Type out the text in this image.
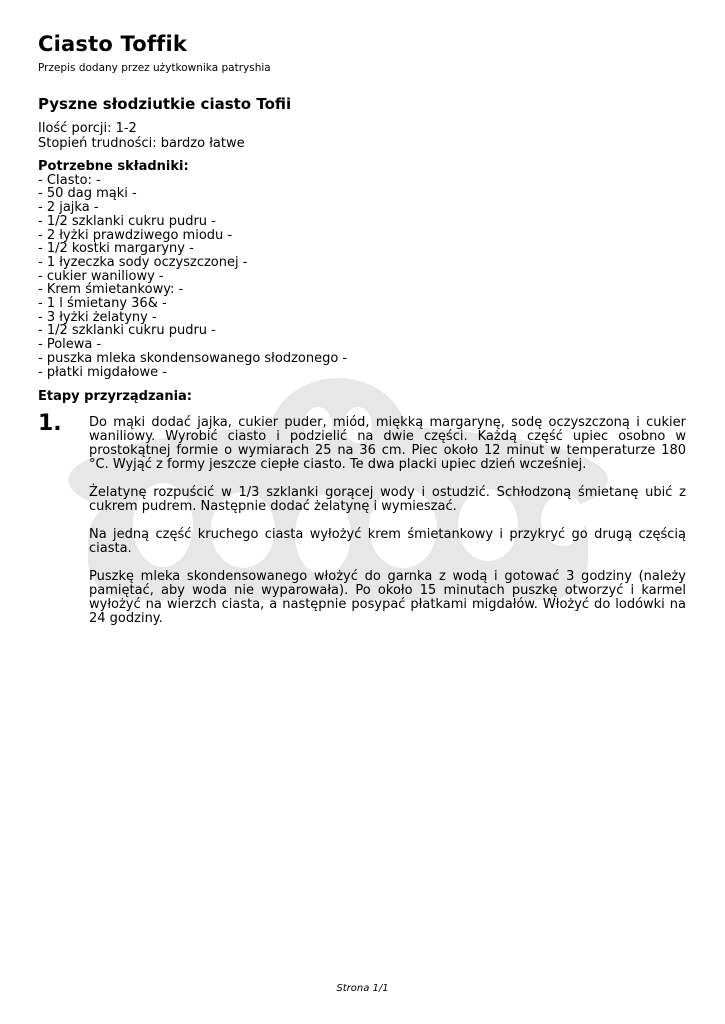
Ciasto Toffik
Przepis dodany przez użytkownika patryshia
Pyszne słodziutkie ciasto Tofii
Ilość porcji: 1-2
Stopień trudności: bardzo łatwe
Potrzebne składniki:
- CIasto: -
- 50 dag mąki -
- 2 jajka -
- 1/2 szklanki cukru pudru -
- 2 łyżki prawdziwego miodu -
- 1/2 kostki margaryny -
- 1 łyzeczka sody oczyszczonej -
- cukier waniliowy -
- Krem śmietankowy: -
- 1 l śmietany 36& -
- 3 łyżki żelatyny -
- 1/2 szklanki cukru pudru -
- Polewa -
- puszka mleka skondensowanego słodzonego -
- płatki migdałowe -
Etapy przyrządzania:
1. Do mąki dodać jajka, cukier puder, miód, miękką margarynę, sodę oczyszczoną i cukier waniliowy. Wyrobić ciasto i podzielić na dwie części. Każdą część upiec osobno w prostokątnej formie o wymiarach 25 na 36 cm. Piec około 12 minut w temperaturze 180 °C. Wyjąć z formy jeszcze ciepłe ciasto. Te dwa placki upiec dzień wcześniej.

Żelatynę rozpuścić w 1/3 szklanki gorącej wody i ostudzić. Schłodzoną śmietanę ubić z cukrem pudrem. Następnie dodać żelatynę i wymieszać.

Na jedną część kruchego ciasta wyłożyć krem śmietankowy i przykryć go drugą częścią ciasta.

Puszkę mleka skondensowanego włożyć do garnka z wodą i gotować 3 godziny (należy pamiętać, aby woda nie wyparowała). Po około 15 minutach puszkę otworzyć i karmel wyłożyć na wierzch ciasta, a następnie posypać płatkami migdałów. Włożyć do lodówki na 24 godziny.

Strona 1/1
